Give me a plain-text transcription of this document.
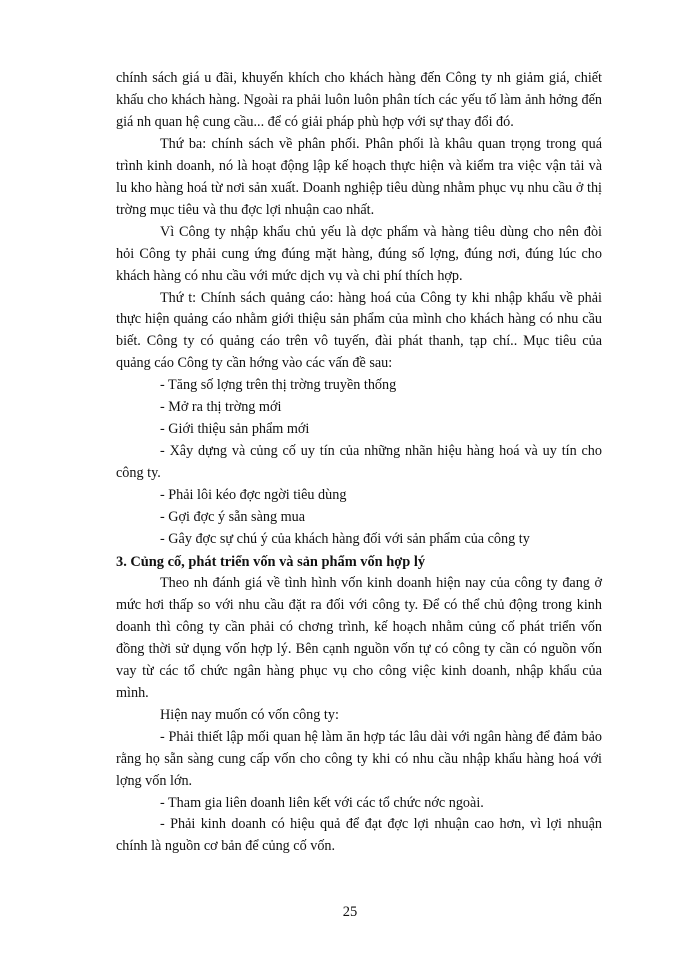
chính sách giá u đãi, khuyến khích cho khách hàng đến Công ty nh giảm giá, chiết khấu cho khách hàng. Ngoài ra phải luôn luôn phân tích các yếu tố làm ảnh hởng đến giá nh quan hệ cung cầu... để có giải pháp phù hợp với sự thay đổi đó.

Thứ ba: chính sách về phân phối. Phân phối là khâu quan trọng trong quá trình kinh doanh, nó là hoạt động lập kế hoạch thực hiện và kiểm tra việc vận tải và lu kho hàng hoá từ nơi sản xuất. Doanh nghiệp tiêu dùng nhằm phục vụ nhu cầu ở thị trờng mục tiêu và thu đợc lợi nhuận cao nhất.

Vì Công ty nhập khẩu chủ yếu là dợc phẩm và hàng tiêu dùng cho nên đòi hỏi Công ty phải cung ứng đúng mặt hàng, đúng số lợng, đúng nơi, đúng lúc cho khách hàng có nhu cầu với mức dịch vụ và chi phí thích hợp.

Thứ t: Chính sách quảng cáo: hàng hoá của Công ty khi nhập khẩu về phải thực hiện quảng cáo nhằm giới thiệu sản phẩm của mình cho khách hàng có nhu cầu biết. Công ty có quảng cáo trên vô tuyến, đài phát thanh, tạp chí.. Mục tiêu của quảng cáo Công ty cần hớng vào các vấn đề sau:

- Tăng số lợng trên thị trờng truyền thống

- Mở ra thị trờng mới

- Giới thiệu sản phẩm mới

- Xây dựng và củng cố uy tín của những nhãn hiệu hàng hoá và uy tín cho công ty.

- Phải lôi kéo đợc ngời tiêu dùng

- Gợi đợc ý sẵn sàng mua

- Gây đợc sự chú ý của khách hàng đối với sản phẩm của công ty

3. Củng cố, phát triển vốn và sản phẩm vốn hợp lý

Theo nh đánh giá về tình hình vốn kinh doanh hiện nay của công ty đang ở mức hơi thấp so với nhu cầu đặt ra đối với công ty. Để có thể chủ động trong kinh doanh thì công ty cần phải có chơng trình, kế hoạch nhằm củng cố phát triển vốn đồng thời sử dụng vốn hợp lý. Bên cạnh nguồn vốn tự có công ty cần có nguồn vốn vay từ các tổ chức ngân hàng phục vụ cho công việc kinh doanh, nhập khẩu của mình.

Hiện nay muốn có vốn công ty:

- Phải thiết lập mối quan hệ làm ăn hợp tác lâu dài với ngân hàng để đảm bảo rằng họ sẵn sàng cung cấp vốn cho công ty khi có nhu cầu nhập khẩu hàng hoá với lợng vốn lớn.

- Tham gia liên doanh liên kết với các tổ chức nớc ngoài.

- Phải kinh doanh có hiệu quả để đạt đợc lợi nhuận cao hơn, vì lợi nhuận chính là nguồn cơ bản để củng cố vốn.

25
